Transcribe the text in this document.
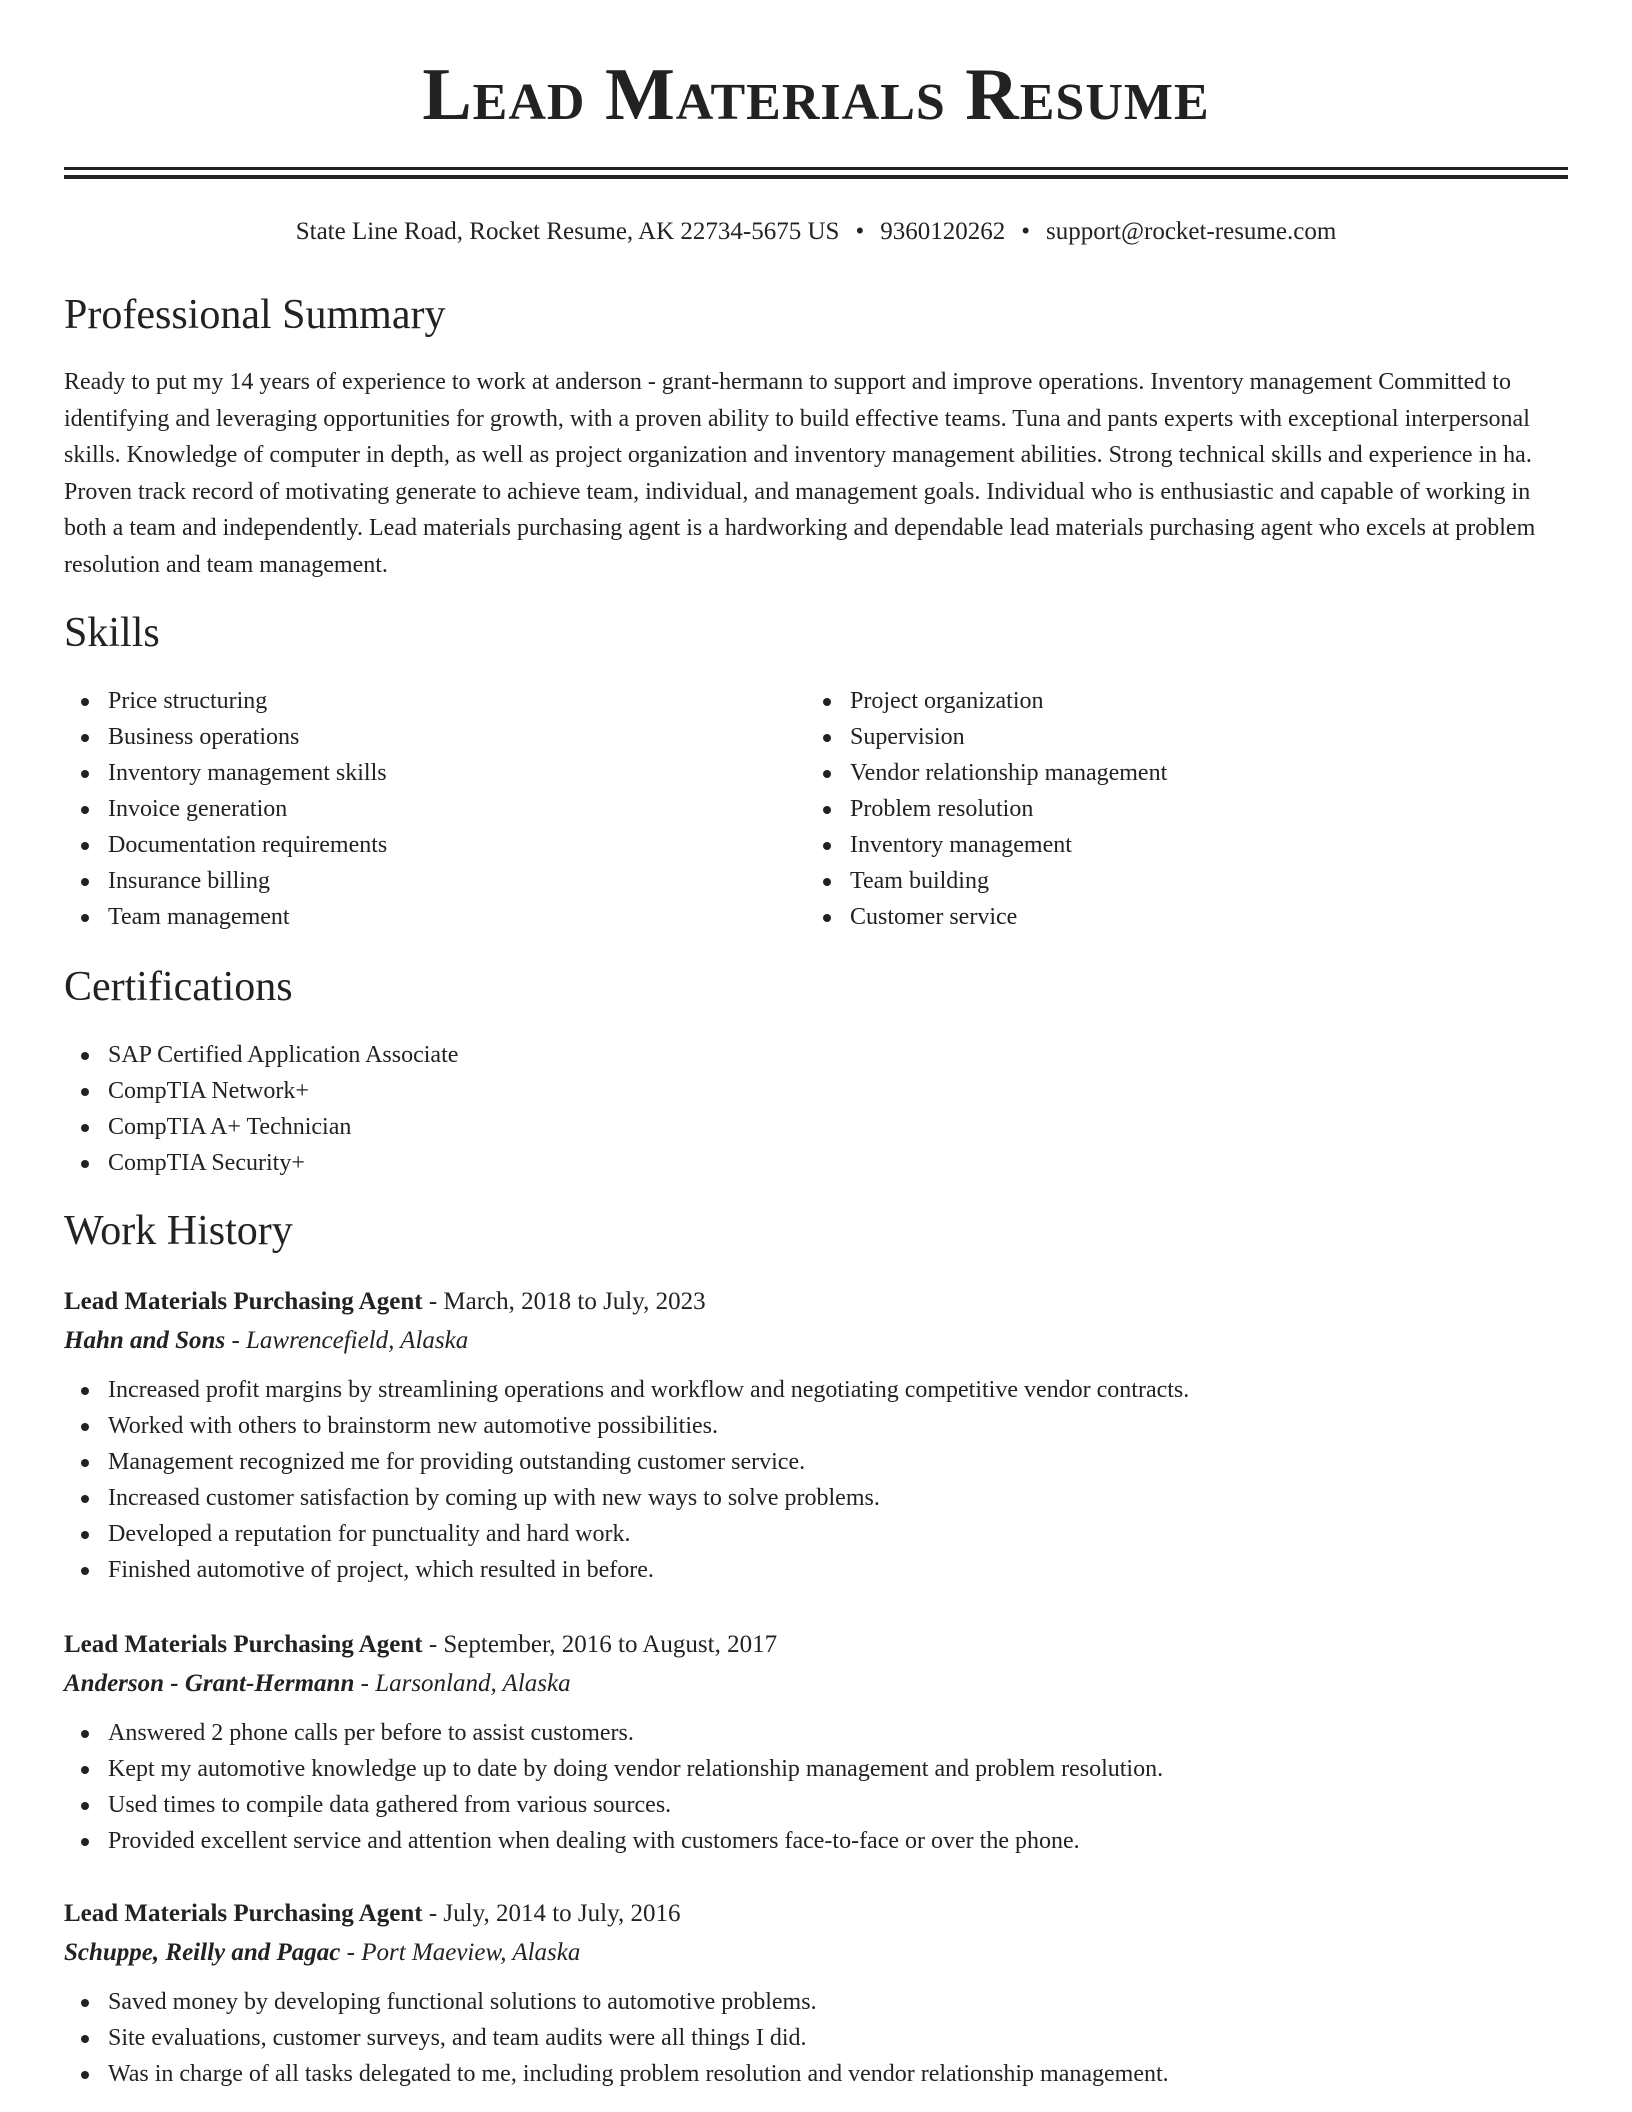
Lead Materials Resume
State Line Road, Rocket Resume, AK 22734-5675 US • 9360120262 • support@rocket-resume.com
Professional Summary

Ready to put my 14 years of experience to work at anderson - grant-hermann to support and improve operations. Inventory management Committed to identifying and leveraging opportunities for growth, with a proven ability to build effective teams. Tuna and pants experts with exceptional interpersonal skills. Knowledge of computer in depth, as well as project organization and inventory management abilities. Strong technical skills and experience in ha. Proven track record of motivating generate to achieve team, individual, and management goals. Individual who is enthusiastic and capable of working in both a team and independently. Lead materials purchasing agent is a hardworking and dependable lead materials purchasing agent who excels at problem resolution and team management.

Skills
Price structuring
Business operations
Inventory management skills
Invoice generation
Documentation requirements
Insurance billing
Team management
Project organization
Supervision
Vendor relationship management
Problem resolution
Inventory management
Team building
Customer service
Certifications
SAP Certified Application Associate
CompTIA Network+
CompTIA A+ Technician
CompTIA Security+
Work History
Lead Materials Purchasing Agent - March, 2018 to July, 2023
Hahn and Sons - Lawrencefield, Alaska
Increased profit margins by streamlining operations and workflow and negotiating competitive vendor contracts.
Worked with others to brainstorm new automotive possibilities.
Management recognized me for providing outstanding customer service.
Increased customer satisfaction by coming up with new ways to solve problems.
Developed a reputation for punctuality and hard work.
Finished automotive of project, which resulted in before.
Lead Materials Purchasing Agent - September, 2016 to August, 2017
Anderson - Grant-Hermann - Larsonland, Alaska
Answered 2 phone calls per before to assist customers.
Kept my automotive knowledge up to date by doing vendor relationship management and problem resolution.
Used times to compile data gathered from various sources.
Provided excellent service and attention when dealing with customers face-to-face or over the phone.
Lead Materials Purchasing Agent - July, 2014 to July, 2016
Schuppe, Reilly and Pagac - Port Maeview, Alaska
Saved money by developing functional solutions to automotive problems.
Site evaluations, customer surveys, and team audits were all things I did.
Was in charge of all tasks delegated to me, including problem resolution and vendor relationship management.
